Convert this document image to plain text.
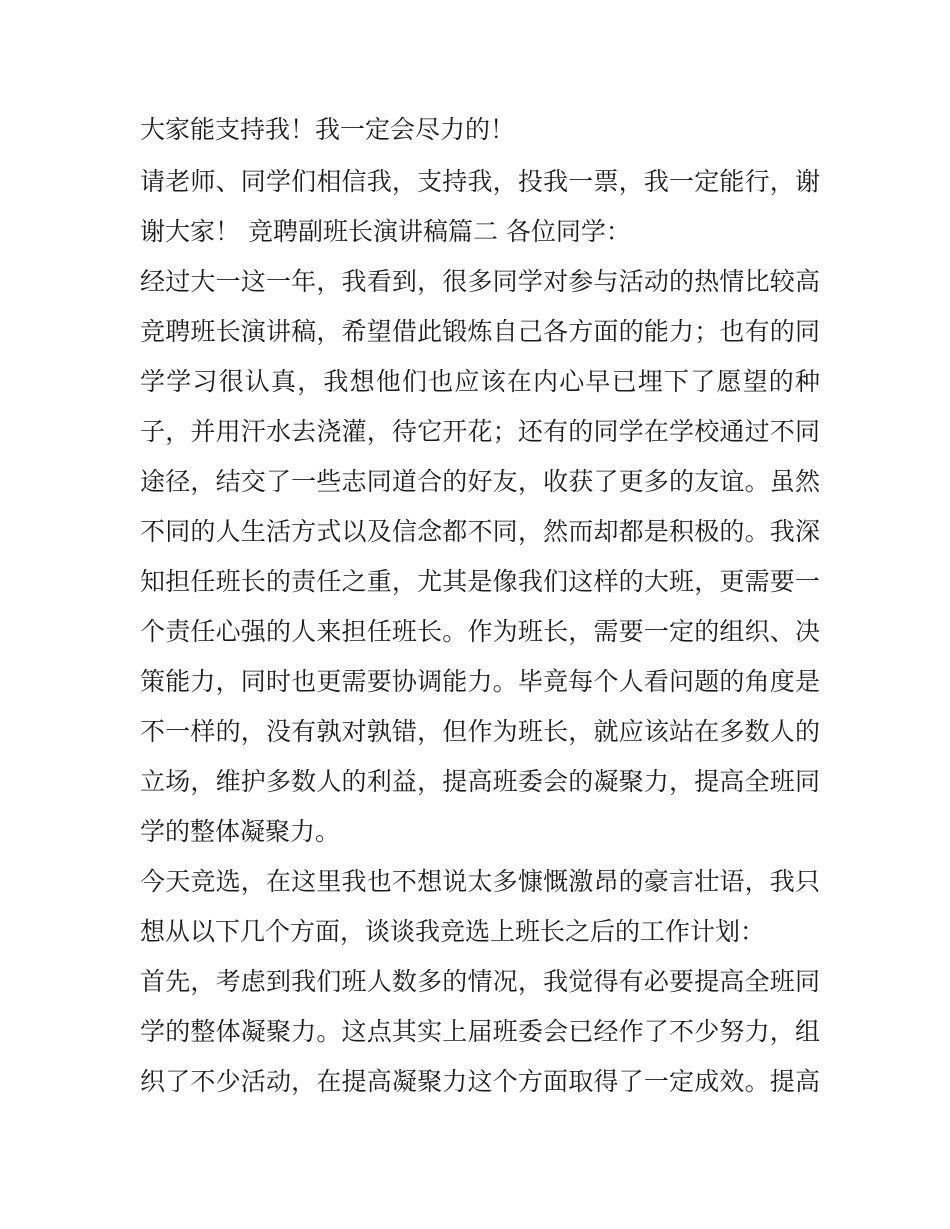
大家能支持我！我一定会尽力的！
请老师、同学们相信我，支持我，投我一票，我一定能行，谢
谢大家！ 竞聘副班长演讲稿篇二 各位同学：
经过大一这一年，我看到，很多同学对参与活动的热情比较高
竞聘班长演讲稿，希望借此锻炼自己各方面的能力；也有的同
学学习很认真，我想他们也应该在内心早已埋下了愿望的种
子，并用汗水去浇灌，待它开花；还有的同学在学校通过不同
途径，结交了一些志同道合的好友，收获了更多的友谊。虽然
不同的人生活方式以及信念都不同，然而却都是积极的。我深
知担任班长的责任之重，尤其是像我们这样的大班，更需要一
个责任心强的人来担任班长。作为班长，需要一定的组织、决
策能力，同时也更需要协调能力。毕竟每个人看问题的角度是
不一样的，没有孰对孰错，但作为班长，就应该站在多数人的
立场，维护多数人的利益，提高班委会的凝聚力，提高全班同
学的整体凝聚力。
今天竞选，在这里我也不想说太多慷慨激昂的豪言壮语，我只
想从以下几个方面，谈谈我竞选上班长之后的工作计划：
首先，考虑到我们班人数多的情况，我觉得有必要提高全班同
学的整体凝聚力。这点其实上届班委会已经作了不少努力，组
织了不少活动，在提高凝聚力这个方面取得了一定成效。提高
